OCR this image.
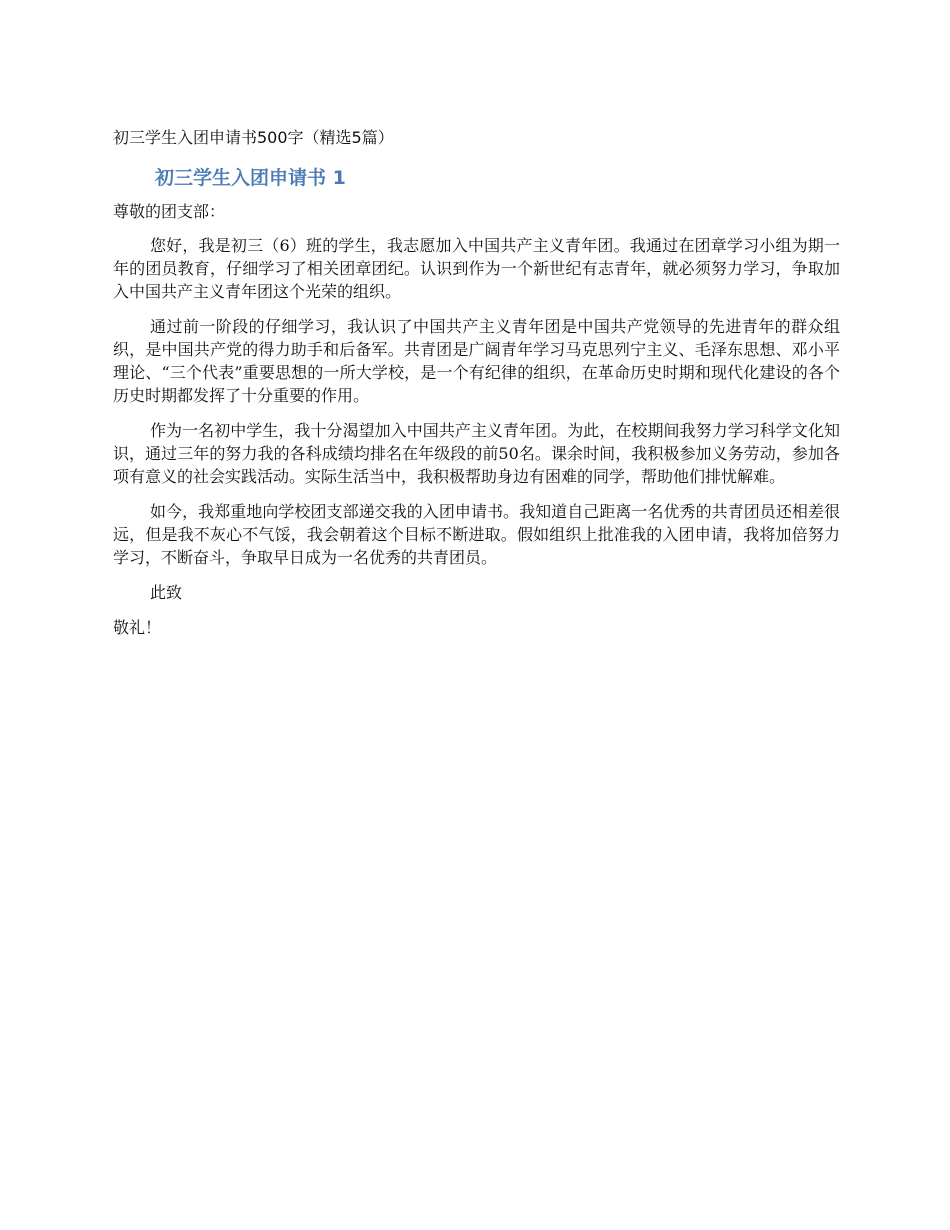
初三学生入团申请书500字（精选5篇）
初三学生入团申请书 1

尊敬的团支部：

您好，我是初三（6）班的学生，我志愿加入中国共产主义青年团。我通过在团章学习小组为期一年的团员教育，仔细学习了相关团章团纪。认识到作为一个新世纪有志青年，就必须努力学习，争取加入中国共产主义青年团这个光荣的组织。

通过前一阶段的仔细学习，我认识了中国共产主义青年团是中国共产党领导的先进青年的群众组织，是中国共产党的得力助手和后备军。共青团是广阔青年学习马克思列宁主义、毛泽东思想、邓小平理论、“三个代表”重要思想的一所大学校，是一个有纪律的组织，在革命历史时期和现代化建设的各个历史时期都发挥了十分重要的作用。

作为一名初中学生，我十分渴望加入中国共产主义青年团。为此，在校期间我努力学习科学文化知识，通过三年的努力我的各科成绩均排名在年级段的前50名。课余时间，我积极参加义务劳动，参加各项有意义的社会实践活动。实际生活当中，我积极帮助身边有困难的同学，帮助他们排忧解难。

如今，我郑重地向学校团支部递交我的入团申请书。我知道自己距离一名优秀的共青团员还相差很远，但是我不灰心不气馁，我会朝着这个目标不断进取。假如组织上批准我的入团申请，我将加倍努力学习，不断奋斗，争取早日成为一名优秀的共青团员。

此致

敬礼！
